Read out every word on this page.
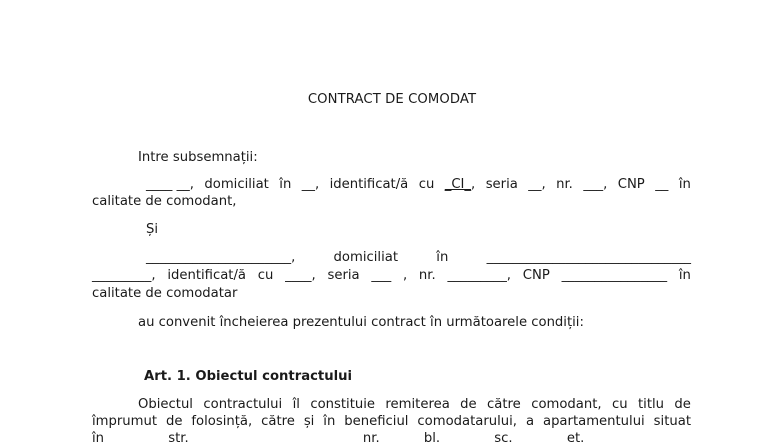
CONTRACT DE COMODAT
Intre subsemnații:
____ __, domiciliat în __, identificat/ă cu _CI_, seria __, nr. ___, CNP __ în
calitate de comodant,
Și
______________________,	domiciliat	în	_______________________________
_________, identificat/ă cu ____, seria ___ , nr. _________, CNP ________________ în
calitate de comodatar
au convenit încheierea prezentului contract în următoarele condiții:
Art. 1. Obiectul contractului
Obiectul contractului îl constituie remiterea de către comodant, cu titlu de
împrumut de folosință, către și în beneficiul comodatarului, a apartamentului situat
în	str.	nr.	bl.	sc.	et.
